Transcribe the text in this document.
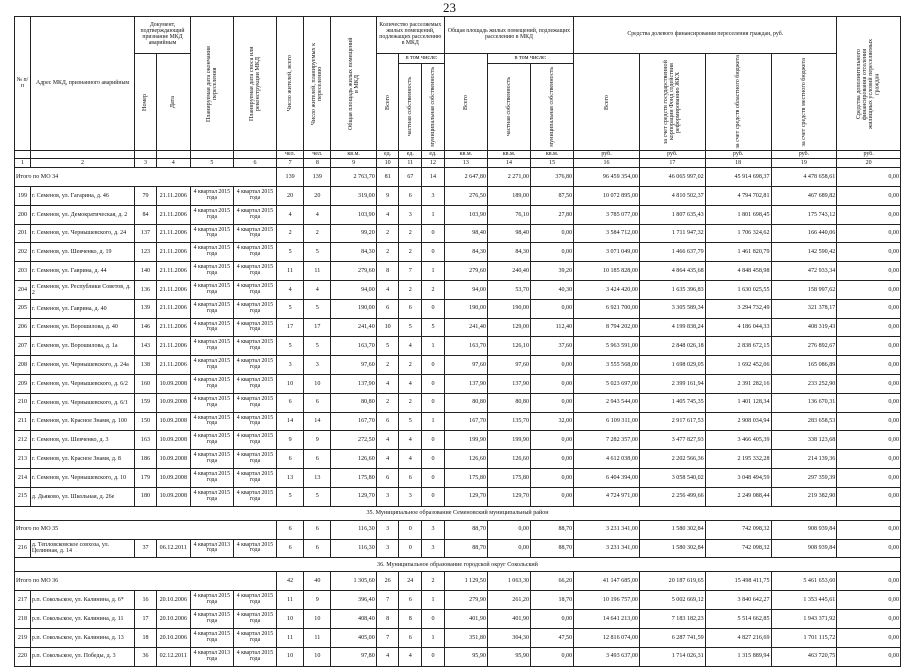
23
№ п/п	Адрес МКД, признанного аварийным	Документ, подтверждающий признание МКД аварийным		Планируемая дата окончания переселения	Планируемая дата сноса или реконструкции МКД	Число жителей, всего	Число жителей, планируемых к переселению	Общая площадь жилых помещений в МКД	Количество расселяемых жилых помещений, подлежащих расселению в МКД			Общая площадь жилых помещений, подлежащих расселению в МКД			Средства долевого финансирования переселения граждан, руб.				Средства дополнительного финансирования отселения жилищных условий переселяемых граждан

		Номер	Дата						Всего	в том числе:		Всего	в том числе:		Всего	за счет средств государственной корпорации Фонд содействия реформированию ЖКХ	за счет средств областного бюджета	за счет средств местного бюджета	

										частная собственность	муниципальная собственность		частная собственность	муниципальная собственность					

						чел.	чел.	кв.м.	ед.	ед.	ед.	кв.м.	кв.м.	кв.м.	руб.	руб.	руб.	руб.	руб.
1	2	3	4	5	6	7	8	9	10	11	12	13	14	15	16	17	18	19	20
Итого по МО 34						139	139	2 763,70	81	67	14	2 647,80	2 271,00	376,80	96 459 354,00	46 065 997,02	45 914 698,37	4 478 658,61	0,00
199	г. Семенов, ул. Гагарина, д. 46	79	21.11.2006	4 квартал 2015 года	4 квартал 2015 года	20	20	319,00	9	6	3	276,50	189,00	87,50	10 072 895,00	4 810 502,37	4 794 702,81	467 689,82	0,00
200	г. Семенов, ул. Демократическая, д. 2	84	21.11.2006	4 квартал 2015 года	4 квартал 2015 года	4	4	103,90	4	3	1	103,90	76,10	27,80	3 785 077,00	1 807 635,43	1 801 698,45	175 743,12	0,00
201	г. Семенов, ул. Чернышевского, д. 24	137	21.11.2006	4 квартал 2015 года	4 квартал 2015 года	2	2	99,20	2	2	0	98,40	98,40	0,00	3 584 712,00	1 711 947,32	1 706 324,62	166 440,06	0,00
202	г. Семенов, ул. Шевченко, д. 19	123	21.11.2006	4 квартал 2015 года	4 квартал 2015 года	5	5	84,30	2	2	0	84,30	84,30	0,00	3 071 049,00	1 466 637,79	1 461 820,79	142 590,42	0,00
203	г. Семенов, ул. Гаврина, д. 44	140	21.11.2006	4 квартал 2015 года	4 квартал 2015 года	11	11	279,60	8	7	1	279,60	240,40	39,20	10 185 828,00	4 864 435,68	4 848 458,98	472 933,34	0,00
204	г. Семенов, ул. Республики Советов, д. 2	136	21.11.2006	4 квартал 2015 года	4 квартал 2015 года	4	4	94,00	4	2	2	94,00	53,70	40,30	3 424 420,00	1 635 396,83	1 630 025,55	158 997,62	0,00
205	г. Семенов, ул. Гаврина, д. 40	139	21.11.2006	4 квартал 2015 года	4 квартал 2015 года	5	5	190,00	6	6	0	190,00	190,00	0,00	6 921 700,00	3 305 589,34	3 294 732,49	321 378,17	0,00
206	г. Семенов, ул. Ворошилова, д. 40	146	21.11.2006	4 квартал 2015 года	4 квартал 2015 года	17	17	241,40	10	5	5	241,40	129,00	112,40	8 794 202,00	4 199 838,24	4 186 044,33	408 319,43	0,00
207	г. Семенов, ул. Ворошилова, д. 1а	143	21.11.2006	4 квартал 2015 года	4 квартал 2015 года	5	5	163,70	5	4	1	163,70	126,10	37,60	5 963 591,00	2 848 026,18	2 838 672,15	276 892,67	0,00
208	г. Семенов, ул. Чернышевского, д. 24а	138	21.11.2006	4 квартал 2015 года	4 квартал 2015 года	3	3	97,60	2	2	0	97,60	97,60	0,00	3 555 568,00	1 698 029,05	1 692 452,06	165 086,89	0,00
209	г. Семенов, ул. Чернышевского, д. 6/2	160	10.09.2008	4 квартал 2015 года	4 квартал 2015 года	10	10	137,90	4	4	0	137,90	137,90	0,00	5 023 697,00	2 399 161,94	2 391 282,16	233 252,90	0,00
210	г. Семенов, ул. Чернышевского, д. 6/1	159	10.09.2008	4 квартал 2015 года	4 квартал 2015 года	6	6	80,80	2	2	0	80,80	80,80	0,00	2 943 544,00	1 405 745,35	1 401 128,34	136 670,31	0,00
211	г. Семенов, ул. Красное Знамя, д. 100	150	10.09.2008	4 квартал 2015 года	4 квартал 2015 года	14	14	167,70	6	5	1	167,70	135,70	32,00	6 109 311,00	2 917 617,53	2 908 034,94	283 658,53	0,00
212	г. Семенов, ул. Шевченко, д. 3	163	10.09.2008	4 квартал 2015 года	4 квартал 2015 года	9	9	272,50	4	4	0	199,90	199,90	0,00	7 282 357,00	3 477 827,93	3 466 405,39	338 123,68	0,00
213	г. Семенов, ул. Красное Знамя, д. 8	186	10.09.2008	4 квартал 2015 года	4 квартал 2015 года	6	6	126,60	4	4	0	126,60	126,60	0,00	4 612 038,00	2 202 566,36	2 195 332,28	214 139,36	0,00
214	г. Семенов, ул. Чернышевского, д. 10	179	10.09.2008	4 квартал 2015 года	4 квартал 2015 года	13	13	175,80	6	6	0	175,80	175,80	0,00	6 404 394,00	3 058 540,02	3 048 494,59	297 359,39	0,00
215	д. Дьяково, ул. Школьная, д. 26е	180	10.09.2008	4 квартал 2015 года	4 квартал 2015 года	5	5	129,70	3	3	0	129,70	129,70	0,00	4 724 971,00	2 256 499,66	2 249 088,44	219 382,90	0,00
35. Муниципальное образование Семеновский муниципальный район																			
Итого по МО 35						6	6	116,30	3	0	3	88,70	0,00	88,70	3 231 341,00	1 580 302,84	742 098,32	908 939,84	0,00
216	д. Тепловсковское совхоза, ул. Целинная, д. 14	37	06.12.2011	4 квартал 2013 года	4 квартал 2015 года	6	6	116,30	3	0	3	88,70	0,00	88,70	3 231 341,00	1 580 302,84	742 098,32	908 939,84	0,00
36. Муниципальное образование городской округ Сокольский																			
Итого по МО 36						42	40	1 305,60	26	24	2	1 129,50	1 063,30	66,20	41 147 685,00	20 187 619,65	15 498 411,75	5 461 653,60	0,00
217	р.п. Сокольское, ул. Калинина, д. 6*	16	20.10.2006	4 квартал 2015 года	4 квартал 2015 года	11	9	396,40	7	6	1	279,90	261,20	18,70	10 196 757,00	5 002 669,12	3 840 642,27	1 353 445,61	0,00
218	р.п. Сокольское, ул. Калинина, д. 11	17	20.10.2006	4 квартал 2015 года	4 квартал 2015 года	10	10	408,40	8	8	0	401,90	401,90	0,00	14 641 213,00	7 183 182,23	5 514 662,85	1 943 371,92	0,00
219	р.п. Сокольское, ул. Калинина, д. 13	18	20.10.2006	4 квартал 2015 года	4 квартал 2015 года	11	11	405,00	7	6	1	351,80	304,30	47,50	12 816 074,00	6 287 741,59	4 827 216,69	1 701 115,72	0,00
220	р.п. Сокольское, ул. Победы, д. 3	36	02.12.2011	4 квартал 2013 года	4 квартал 2015 года	10	10	97,80	4	4	0	95,90	95,90	0,00	3 493 637,00	1 714 026,31	1 315 889,94	463 720,75	0,00
